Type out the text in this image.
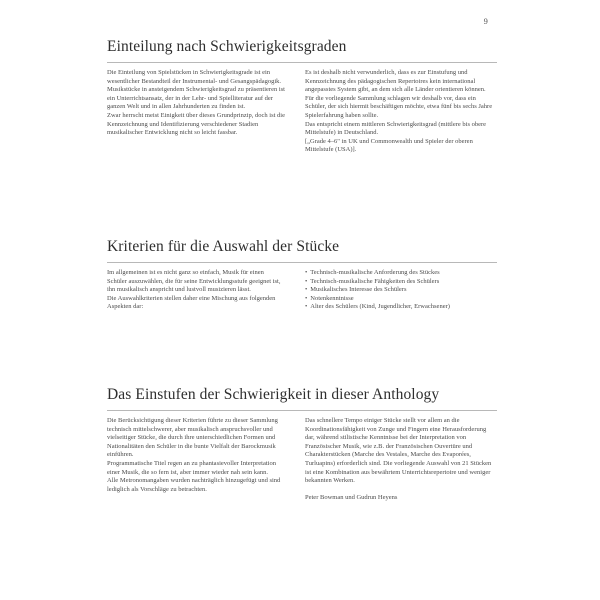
9
Einteilung nach Schwierigkeitsgraden

Die Einteilung von Spielstücken in Schwierigkeitsgrade ist ein wesentlicher Bestandteil der Instrumental- und Gesangspädagogik.

Musikstücke in ansteigendem Schwierigkeitsgrad zu präsentieren ist ein Unterrichtsansatz, der in der Lehr- und Spielliteratur auf der ganzen Welt und in allen Jahrhunderten zu finden ist.

Zwar herrscht meist Einigkeit über dieses Grundprinzip, doch ist die Kennzeichnung und Identifizierung verschiedener Stadien musikalischer Entwicklung nicht so leicht fassbar.

Es ist deshalb nicht verwunderlich, dass es zur Einstufung und Kennzeichnung des pädagogischen Repertoires kein international angepasstes System gibt, an dem sich alle Länder orientieren können.

Für die vorliegende Sammlung schlagen wir deshalb vor, dass ein Schüler, der sich hiermit beschäftigen möchte, etwa fünf bis sechs Jahre Spielerfahrung haben sollte.

Das entspricht einem mittleren Schwierigkeitsgrad (mittlere bis obere Mittelstufe) in Deutschland.

[„Grade 4–6" in UK und Commonwealth und Spieler der oberen Mittelstufe (USA)].

Kriterien für die Auswahl der Stücke

Im allgemeinen ist es nicht ganz so einfach, Musik für einen Schüler auszuwählen, die für seine Entwicklungsstufe geeignet ist, ihn musikalisch anspricht und lustvoll musizieren lässt.

Die Auswahlkriterien stellen daher eine Mischung aus folgenden Aspekten dar:

• Technisch-musikalische Anforderung des Stückes
• Technisch-musikalische Fähigkeiten des Schülers
• Musikalisches Interesse des Schülers
• Notenkenntnisse
• Alter des Schülers (Kind, Jugendlicher, Erwachsener)
Das Einstufen der Schwierigkeit in dieser Anthology

Die Berücksichtigung dieser Kriterien führte zu dieser Sammlung technisch mittelschwerer, aber musikalisch anspruchsvoller und vielseitiger Stücke, die durch ihre unterschiedlichen Formen und Nationalitäten den Schüler in die bunte Vielfalt der Barockmusik einführen.

Programmatische Titel regen an zu phantasievoller Interpretation einer Musik, die so fern ist, aber immer wieder nah sein kann.

Alle Metronomangaben wurden nachträglich hinzugefügt und sind lediglich als Vorschläge zu betrachten.

Das schnellere Tempo einiger Stücke stellt vor allem an die Koordinationsfähigkeit von Zunge und Fingern eine Herausforderung dar, während stilistische Kenntnisse bei der Interpretation von Französischer Musik, wie z.B. der Französischen Ouvertüre und Charakterstücken (Marche des Vestales, Marche des Evaporées, Turluapins) erforderlich sind. Die vorliegende Auswahl von 21 Stücken ist eine Kombination aus bewährtem Unterrichtsrepertoire und weniger bekannten Werken.

Peter Bowman und Gudrun Heyens
